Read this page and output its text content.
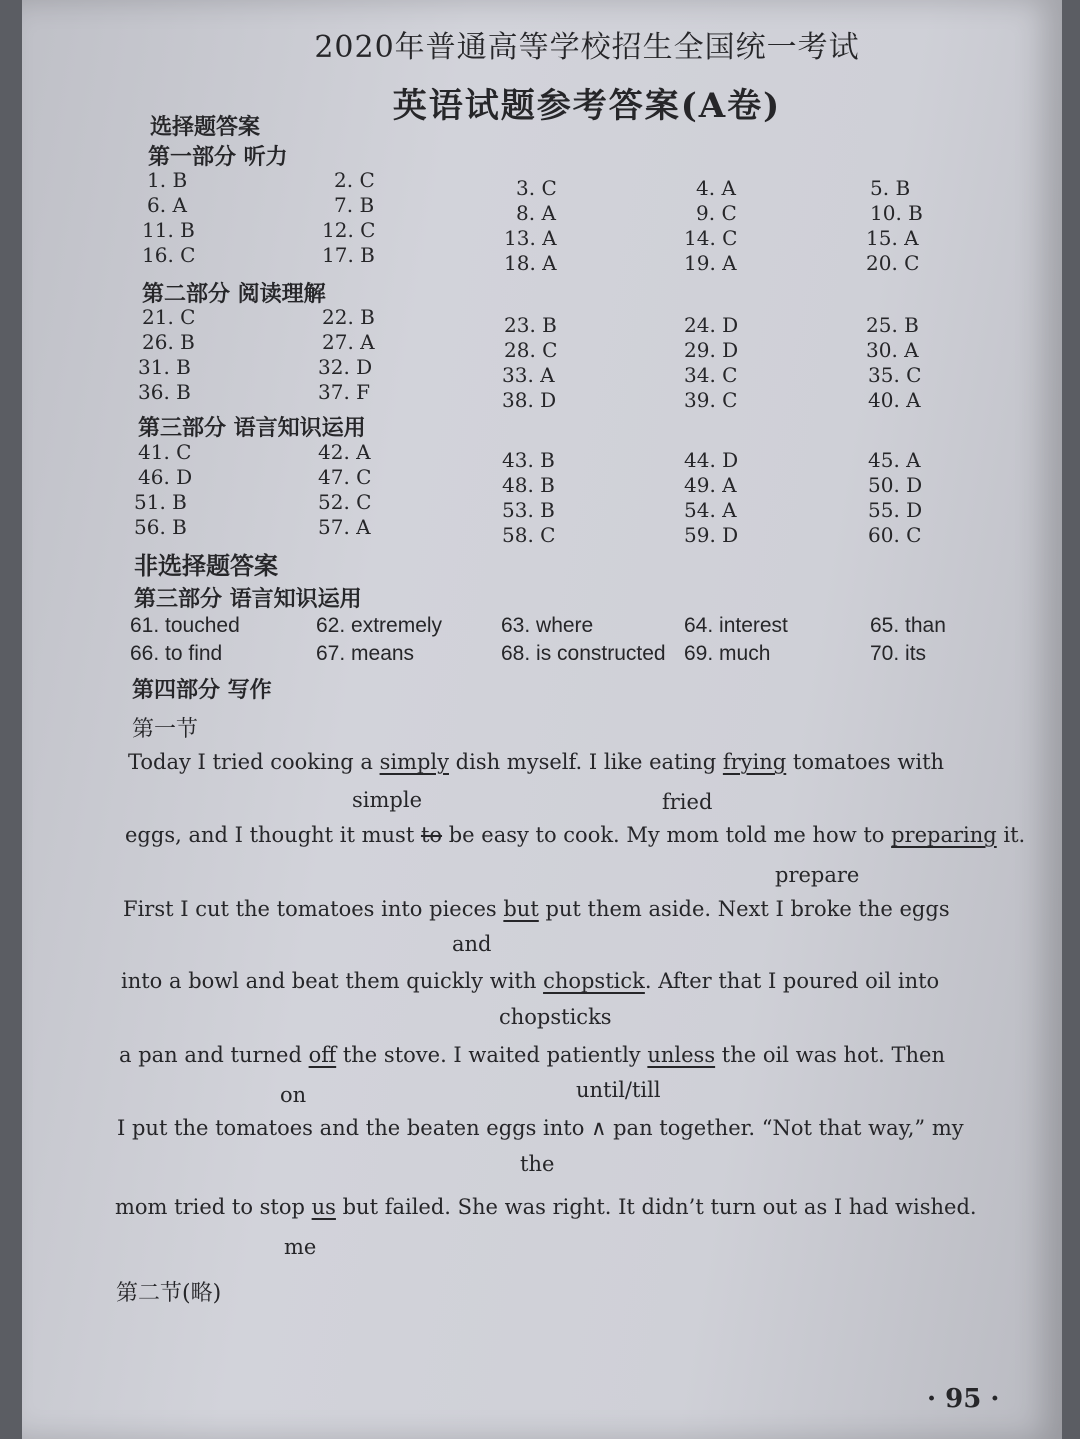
2020年普通高等学校招生全国统一考试
英语试题参考答案(A卷)
选择题答案
第一部分 听力
第二部分 阅读理解
第三部分 语言知识运用
非选择题答案
第三部分 语言知识运用
第四部分 写作
第一节
第二节(略)
1. B	2. C	3. C	4. A	5. B
6. A	7. B	8. A	9. C	10. B
11. B	12. C	13. A	14. C	15. A
16. C	17. B	18. A	19. A	20. C
21. C	22. B	23. B	24. D	25. B
26. B	27. A	28. C	29. D	30. A
31. B	32. D	33. A	34. C	35. C
36. B	37. F	38. D	39. C	40. A
41. C	42. A	43. B	44. D	45. A
46. D	47. C	48. B	49. A	50. D
51. B	52. C	53. B	54. A	55. D
56. B	57. A	58. C	59. D	60. C
61. touched	62. extremely	63. where	64. interest	65. than
66. to find	67. means	68. is constructed 69. much	70. its
Today I tried cooking a simply dish myself. I like eating frying tomatoes with
simple	fried
eggs, and I thought it must to be easy to cook. My mom told me how to preparing it.
prepare
First I cut the tomatoes into pieces but put them aside. Next I broke the eggs
and
into a bowl and beat them quickly with chopstick. After that I poured oil into
chopsticks
a pan and turned off the stove. I waited patiently unless the oil was hot. Then
on	until/till
I put the tomatoes and the beaten eggs into ∧ pan together. “Not that way,” my
the
mom tried to stop us but failed. She was right. It didn’t turn out as I had wished.
me
· 95 ·
